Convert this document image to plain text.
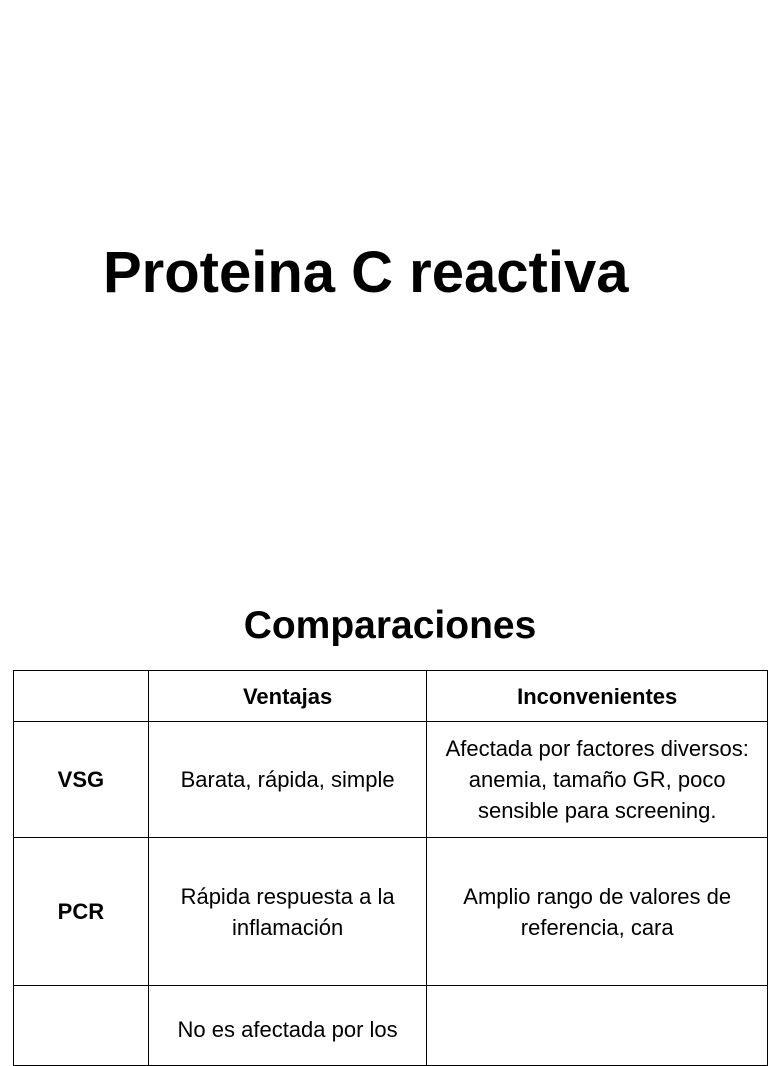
Proteina C reactiva
Comparaciones
	Ventajas	Inconvenientes
VSG	Barata, rápida, simple	Afectada por factores diversos: anemia, tamaño GR, poco sensible para screening.
PCR	Rápida respuesta a la inflamación	Amplio rango de valores de referencia, cara
	No es afectada por los	
